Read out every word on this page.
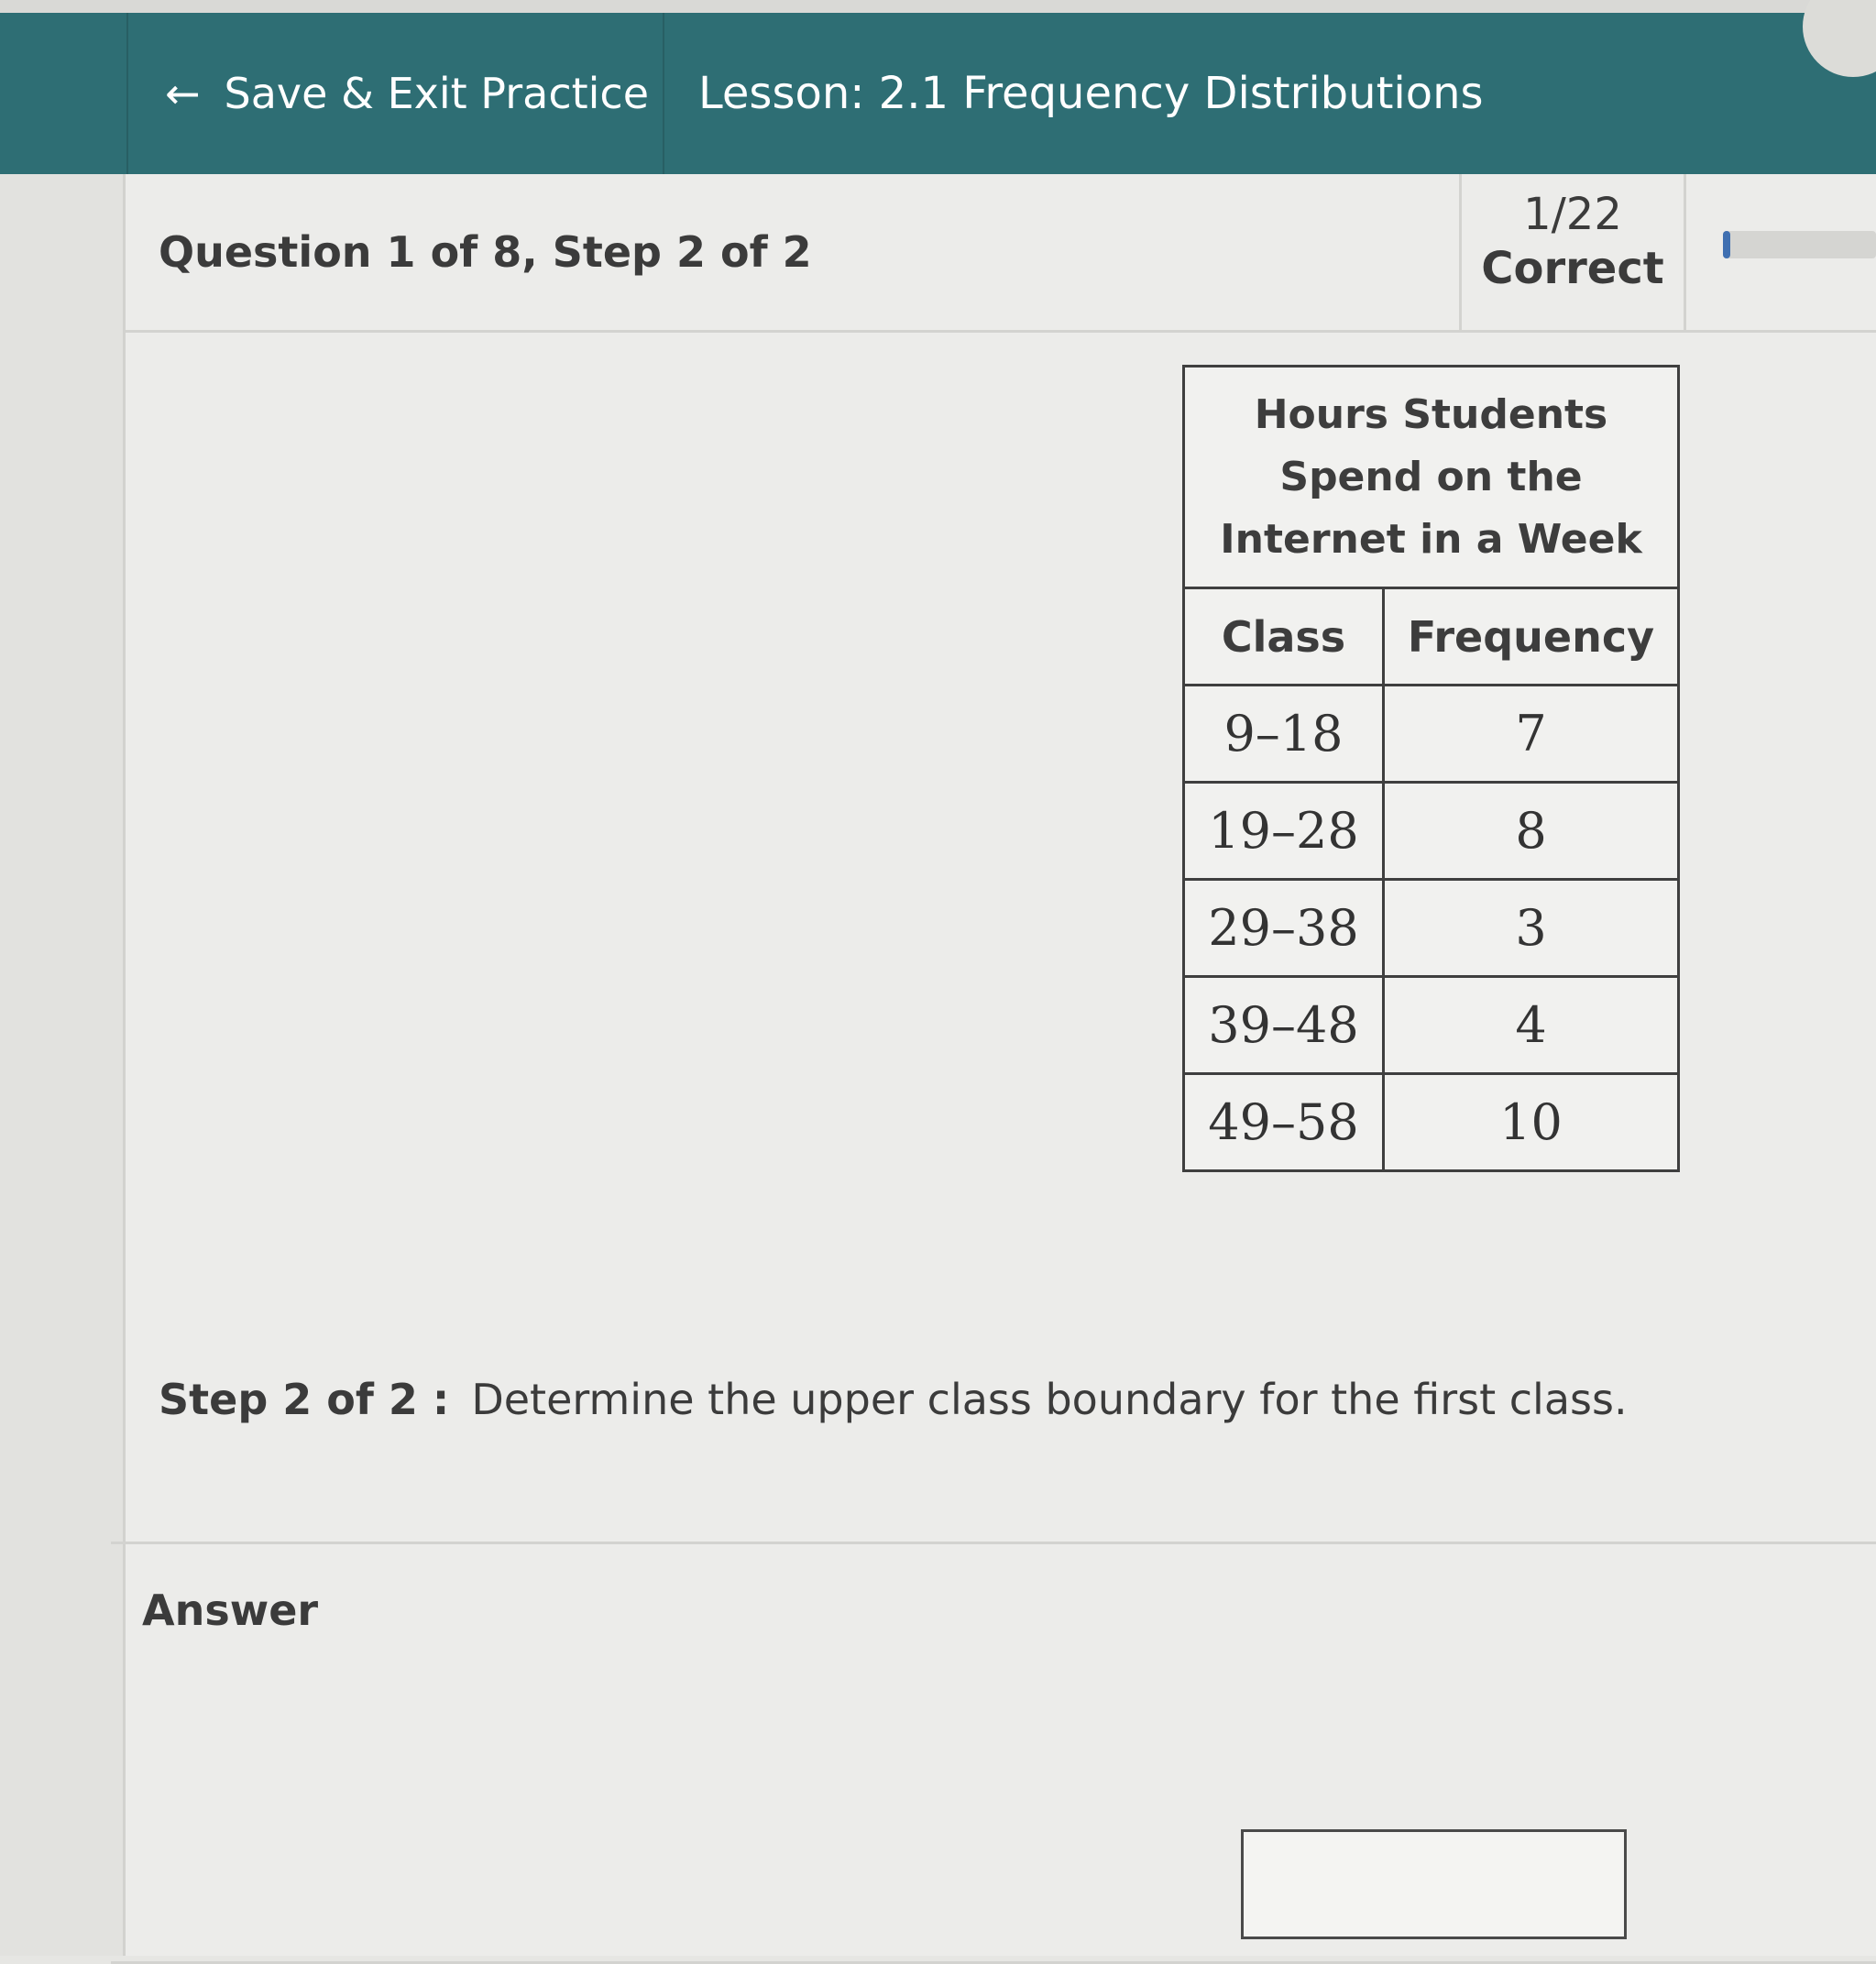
← Save & Exit Practice Lesson: 2.1 Frequency Distributions
Question 1 of 8, Step 2 of 2
1/22
Correct
Hours Students Spend on the Internet in a Week	
Class	Frequency
9–18	7
19–28	8
29–38	3
39–48	4
49–58	10
Step 2 of 2 : Determine the upper class boundary for the first class.
Answer
